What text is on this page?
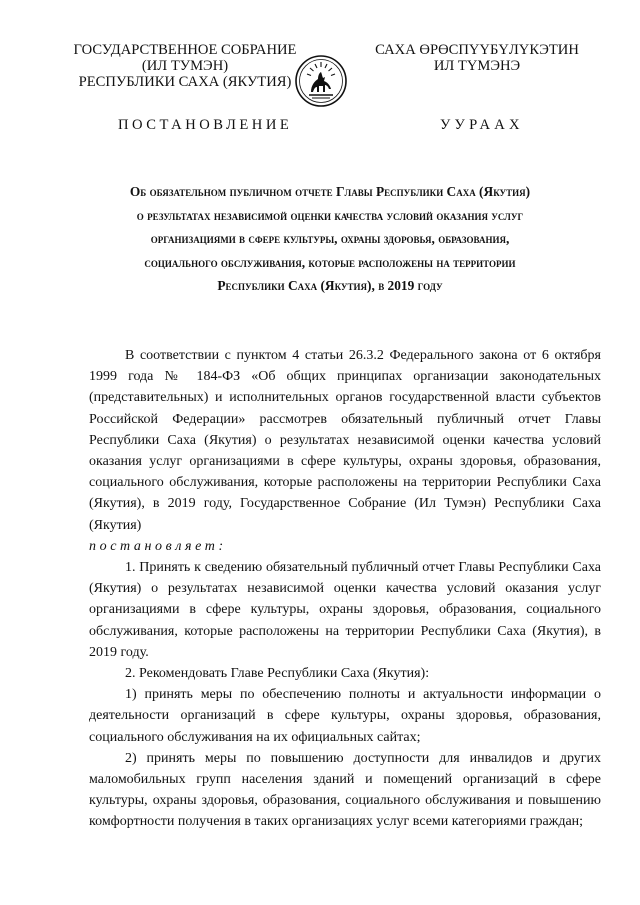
ГОСУДАРСТВЕННОЕ СОБРАНИЕ
(ИЛ ТУМЭН)
РЕСПУБЛИКИ САХА (ЯКУТИЯ)
САХА ӨРӨСПҮҮБҮЛҮКЭТИН
ИЛ ТҮМЭНЭ
ПОСТАНОВЛЕНИЕ	УУРААХ
Об обязательном публичном отчете Главы Республики Саха (Якутия)
о результатах независимой оценки качества условий оказания услуг
организациями в сфере культуры, охраны здоровья, образования,
социального обслуживания, которые расположены на территории
Республики Саха (Якутия), в 2019 году

В соответствии с пунктом 4 статьи 26.3.2 Федерального закона от 6 октября 1999 года № 184-ФЗ «Об общих принципах организации законодательных (представительных) и исполнительных органов государственной власти субъектов Российской Федерации» рассмотрев обязательный публичный отчет Главы Республики Саха (Якутия) о результатах независимой оценки качества условий оказания услуг организациями в сфере культуры, охраны здоровья, образования, социального обслуживания, которые расположены на территории Республики Саха (Якутия), в 2019 году, Государственное Собрание (Ил Тумэн) Республики Саха (Якутия)

постановляет:

1. Принять к сведению обязательный публичный отчет Главы Республики Саха (Якутия) о результатах независимой оценки качества условий оказания услуг организациями в сфере культуры, охраны здоровья, образования, социального обслуживания, которые расположены на территории Республики Саха (Якутия), в 2019 году.

2. Рекомендовать Главе Республики Саха (Якутия):

1) принять меры по обеспечению полноты и актуальности информации о деятельности организаций в сфере культуры, охраны здоровья, образования, социального обслуживания на их официальных сайтах;

2) принять меры по повышению доступности для инвалидов и других маломобильных групп населения зданий и помещений организаций в сфере культуры, охраны здоровья, образования, социального обслуживания и повышению комфортности получения в таких организациях услуг всеми категориями граждан;
